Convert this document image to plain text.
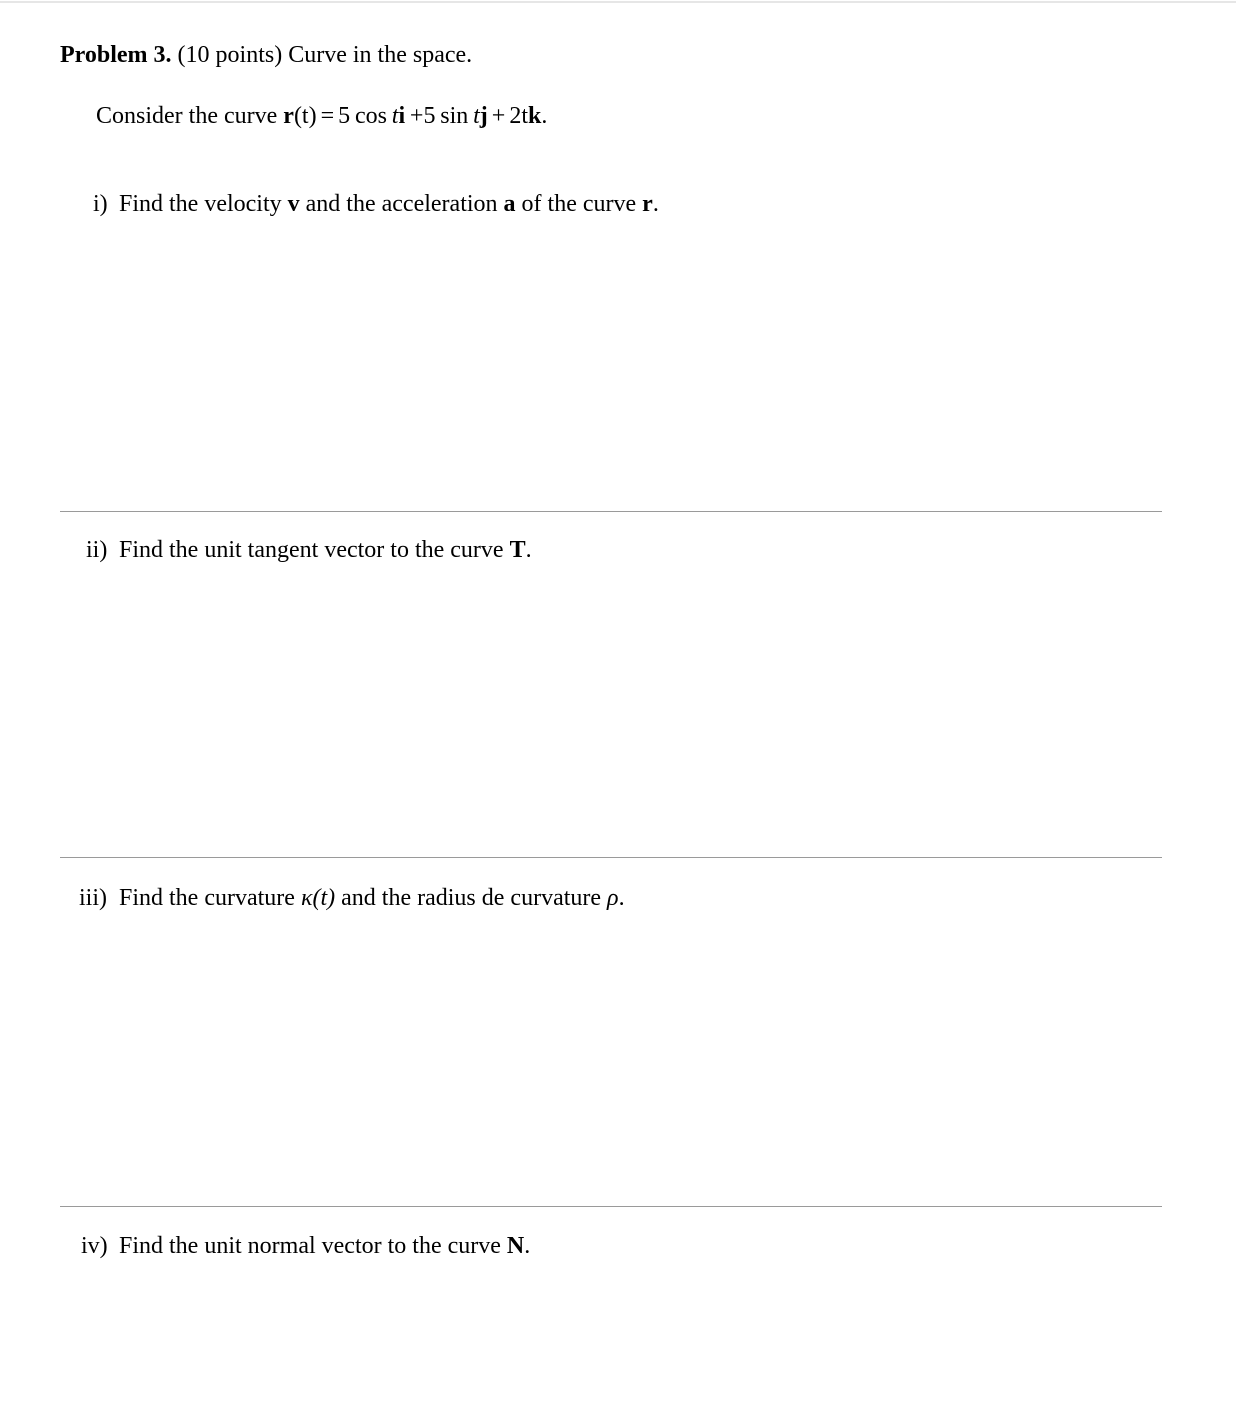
Problem 3. (10 points) Curve in the space.
Consider the curve r(t) = 5  cos  ti  +5  sin  tj + 2tk.
i) Find the velocity v and the acceleration a of the curve r.
ii) Find the unit tangent vector to the curve T.
iii) Find the curvature κ(t) and the radius de curvature ρ.
iv) Find the unit normal vector to the curve N.
